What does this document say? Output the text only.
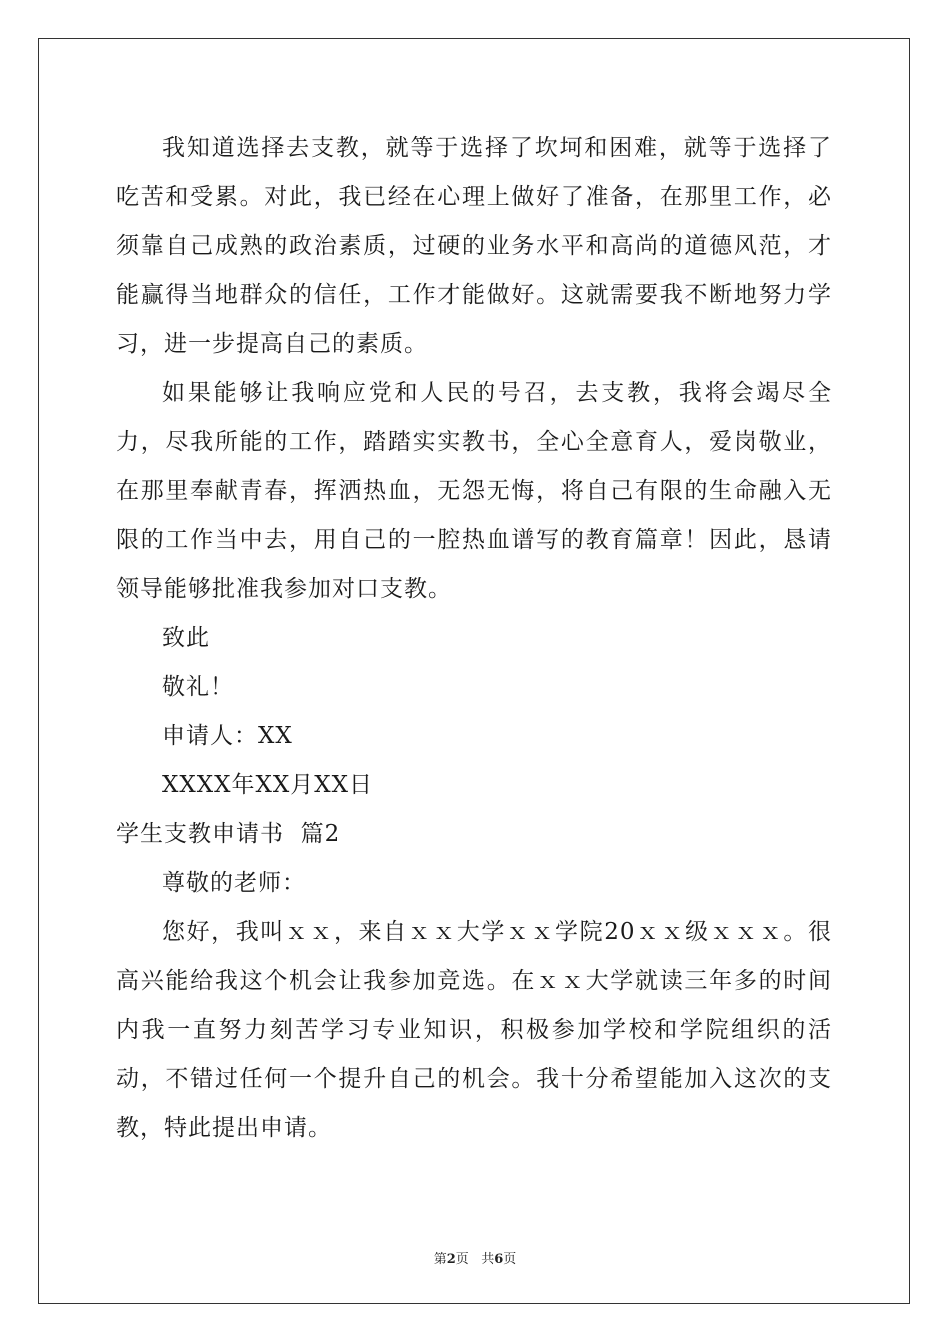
我知道选择去支教，就等于选择了坎坷和困难，就等于选择了吃苦和受累。对此，我已经在心理上做好了准备，在那里工作，必须靠自己成熟的政治素质，过硬的业务水平和高尚的道德风范，才能赢得当地群众的信任，工作才能做好。这就需要我不断地努力学习，进一步提高自己的素质。

如果能够让我响应党和人民的号召，去支教，我将会竭尽全力，尽我所能的工作，踏踏实实教书，全心全意育人，爱岗敬业，在那里奉献青春，挥洒热血，无怨无悔，将自己有限的生命融入无限的工作当中去，用自己的一腔热血谱写的教育篇章！因此，恳请领导能够批准我参加对口支教。

致此

敬礼！

申请人：XX

XXXX年XX月XX日

学生支教申请书  篇2

尊敬的老师：

您好，我叫ｘｘ，来自ｘｘ大学ｘｘ学院20ｘｘ级ｘｘｘ。很高兴能给我这个机会让我参加竞选。在ｘｘ大学就读三年多的时间内我一直努力刻苦学习专业知识，积极参加学校和学院组织的活动，不错过任何一个提升自己的机会。我十分希望能加入这次的支教，特此提出申请。

第2页 共6页
